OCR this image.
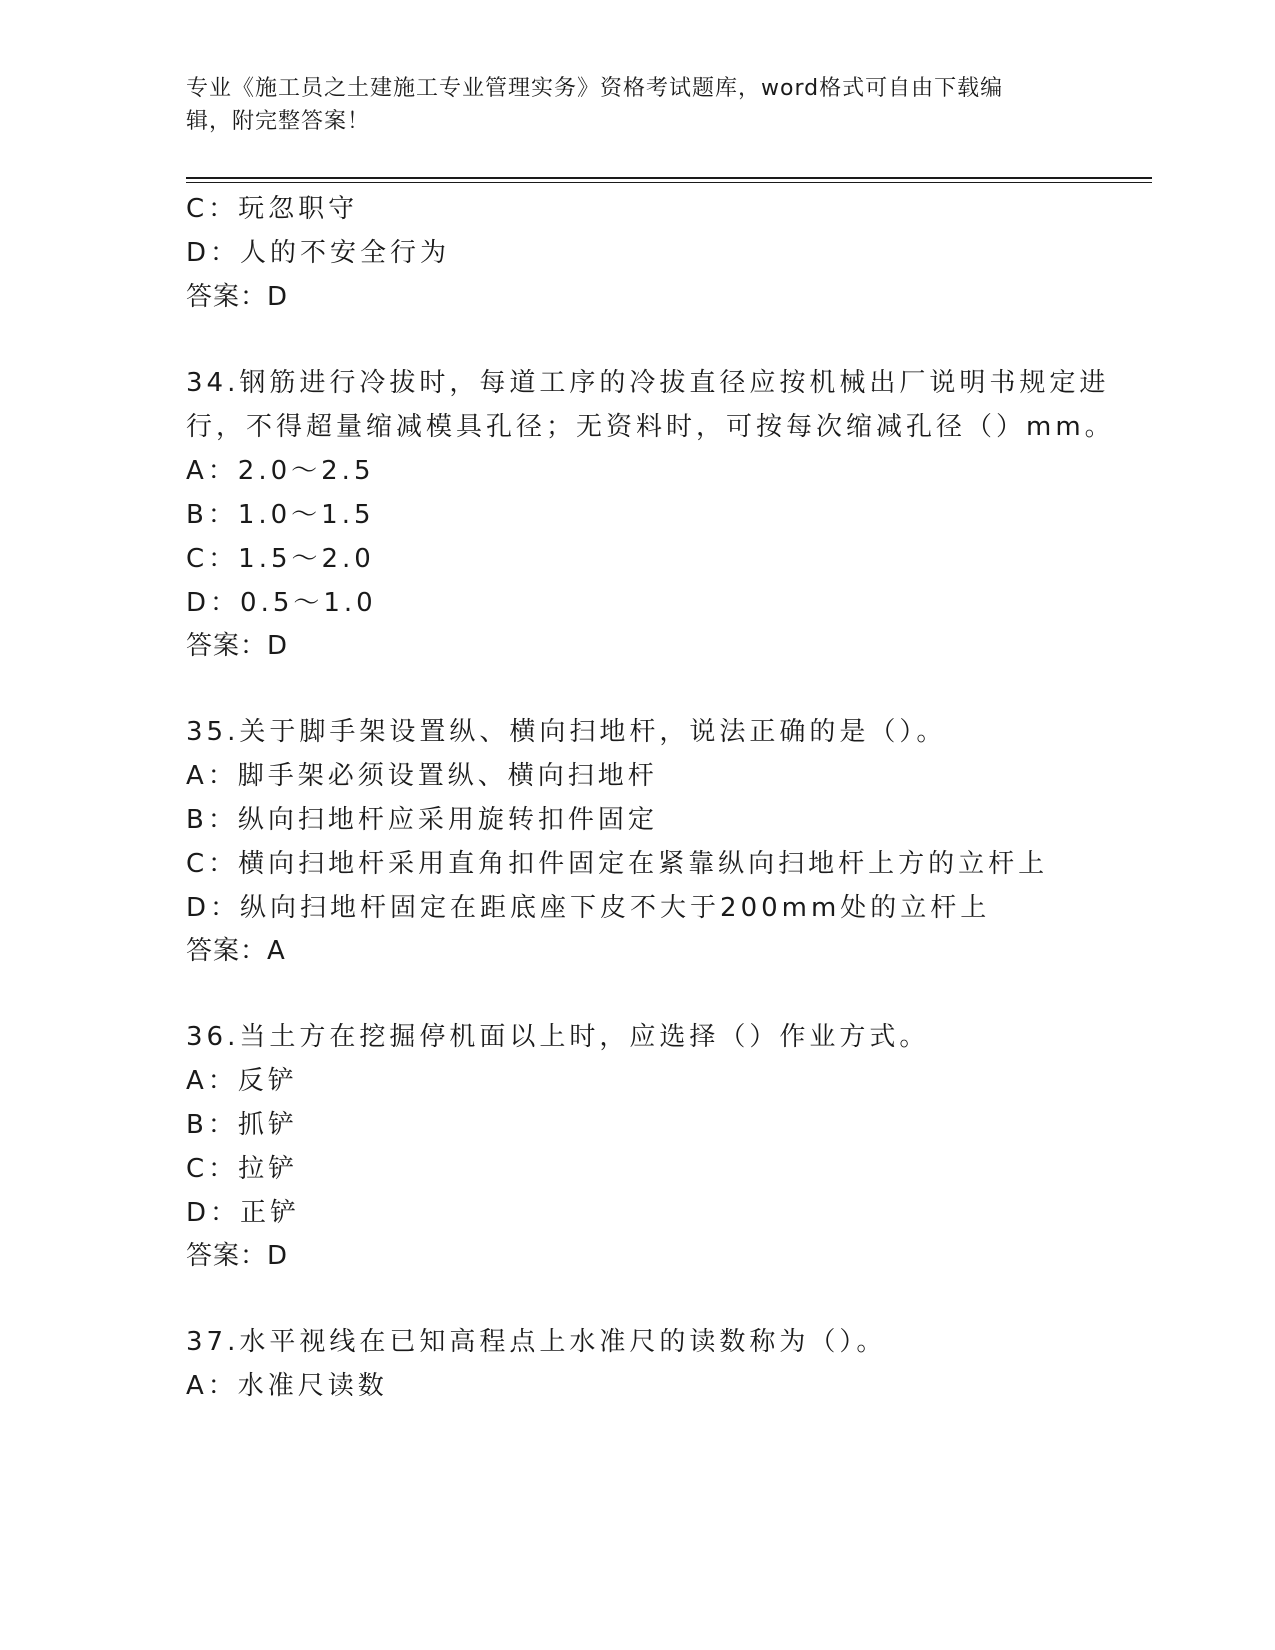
专业《施工员之土建施工专业管理实务》资格考试题库，word格式可自由下载编
辑，附完整答案！
C：玩忽职守
D：人的不安全行为
答案：D
34.钢筋进行冷拔时，每道工序的冷拔直径应按机械出厂说明书规定进
行，不得超量缩减模具孔径；无资料时，可按每次缩减孔径（）mm。
A：2.0～2.5
B：1.0～1.5
C：1.5～2.0
D：0.5～1.0
答案：D
35.关于脚手架设置纵、横向扫地杆，说法正确的是（）。
A：脚手架必须设置纵、横向扫地杆
B：纵向扫地杆应采用旋转扣件固定
C：横向扫地杆采用直角扣件固定在紧靠纵向扫地杆上方的立杆上
D：纵向扫地杆固定在距底座下皮不大于200mm处的立杆上
答案：A
36.当土方在挖掘停机面以上时，应选择（）作业方式。
A：反铲
B：抓铲
C：拉铲
D：正铲
答案：D
37.水平视线在已知高程点上水准尺的读数称为（）。
A：水准尺读数
